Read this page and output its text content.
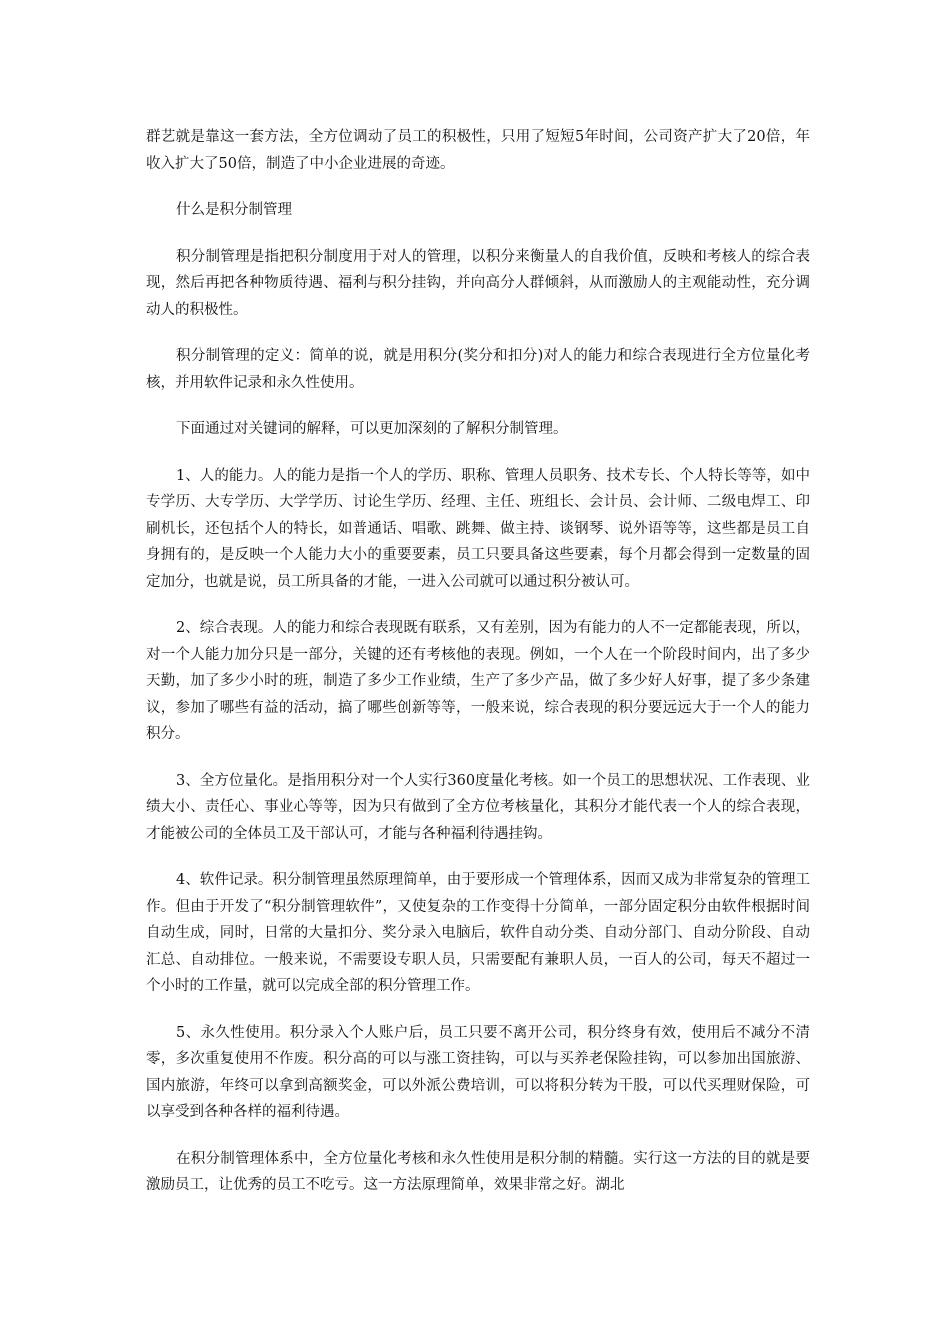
群艺就是靠这一套方法，全方位调动了员工的积极性，只用了短短5年时间，公司资产扩大了20倍，年收入扩大了50倍，制造了中小企业进展的奇迹。

什么是积分制管理

积分制管理是指把积分制度用于对人的管理，以积分来衡量人的自我价值，反映和考核人的综合表现，然后再把各种物质待遇、福利与积分挂钩，并向高分人群倾斜，从而激励人的主观能动性，充分调动人的积极性。

积分制管理的定义：简单的说，就是用积分(奖分和扣分)对人的能力和综合表现进行全方位量化考核，并用软件记录和永久性使用。

下面通过对关键词的解释，可以更加深刻的了解积分制管理。

1、人的能力。人的能力是指一个人的学历、职称、管理人员职务、技术专长、个人特长等等，如中专学历、大专学历、大学学历、讨论生学历、经理、主任、班组长、会计员、会计师、二级电焊工、印刷机长，还包括个人的特长，如普通话、唱歌、跳舞、做主持、谈钢琴、说外语等等，这些都是员工自身拥有的，是反映一个人能力大小的重要要素，员工只要具备这些要素，每个月都会得到一定数量的固定加分，也就是说，员工所具备的才能，一进入公司就可以通过积分被认可。

2、综合表现。人的能力和综合表现既有联系，又有差别，因为有能力的人不一定都能表现，所以，对一个人能力加分只是一部分，关键的还有考核他的表现。例如，一个人在一个阶段时间内，出了多少天勤，加了多少小时的班，制造了多少工作业绩，生产了多少产品，做了多少好人好事，提了多少条建议，参加了哪些有益的活动，搞了哪些创新等等，一般来说，综合表现的积分要远远大于一个人的能力积分。

3、全方位量化。是指用积分对一个人实行360度量化考核。如一个员工的思想状况、工作表现、业绩大小、责任心、事业心等等，因为只有做到了全方位考核量化，其积分才能代表一个人的综合表现，才能被公司的全体员工及干部认可，才能与各种福利待遇挂钩。

4、软件记录。积分制管理虽然原理简单，由于要形成一个管理体系，因而又成为非常复杂的管理工作。但由于开发了“积分制管理软件”，又使复杂的工作变得十分简单，一部分固定积分由软件根据时间自动生成，同时，日常的大量扣分、奖分录入电脑后，软件自动分类、自动分部门、自动分阶段、自动汇总、自动排位。一般来说，不需要设专职人员，只需要配有兼职人员，一百人的公司，每天不超过一个小时的工作量，就可以完成全部的积分管理工作。

5、永久性使用。积分录入个人账户后，员工只要不离开公司，积分终身有效，使用后不减分不清零，多次重复使用不作废。积分高的可以与涨工资挂钩，可以与买养老保险挂钩，可以参加出国旅游、国内旅游，年终可以拿到高额奖金，可以外派公费培训，可以将积分转为干股，可以代买理财保险，可以享受到各种各样的福利待遇。

在积分制管理体系中，全方位量化考核和永久性使用是积分制的精髓。实行这一方法的目的就是要激励员工，让优秀的员工不吃亏。这一方法原理简单，效果非常之好。湖北
